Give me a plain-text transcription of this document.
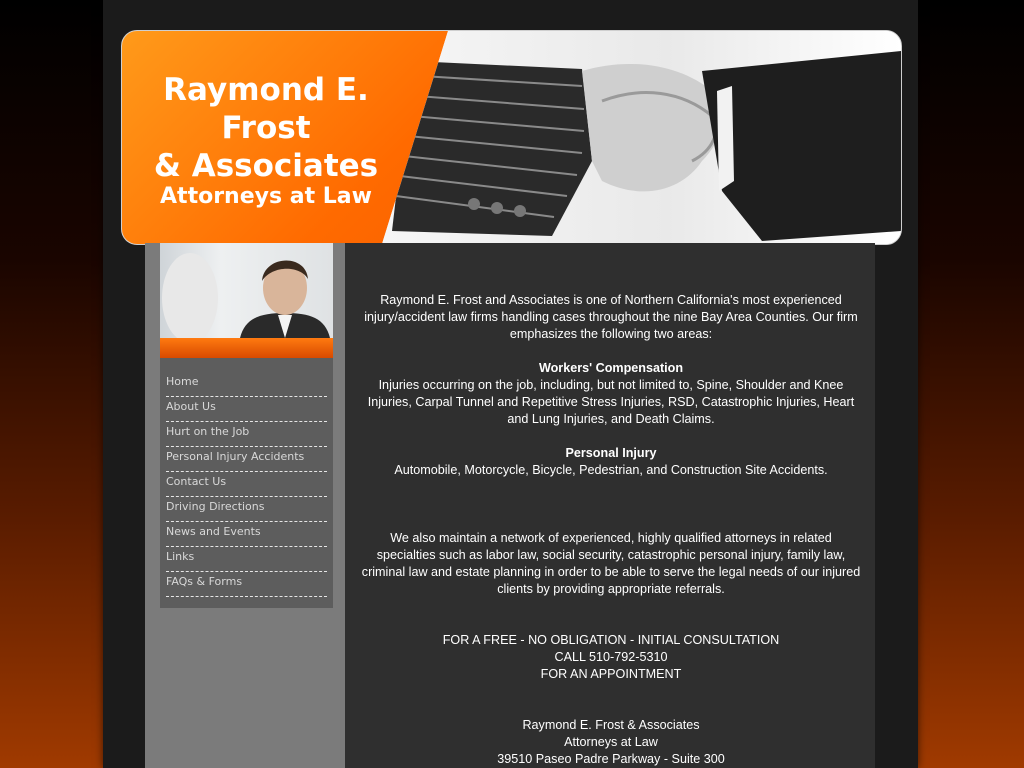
Raymond E.
Frost
& Associates
Attorneys at Law
Home
About Us
Hurt on the Job
Personal Injury Accidents
Contact Us
Driving Directions
News and Events
Links
FAQs & Forms

Raymond E. Frost and Associates is one of Northern California's most experienced injury/accident law firms handling cases throughout the nine Bay Area Counties. Our firm emphasizes the following two areas:

Workers' Compensation

Injuries occurring on the job, including, but not limited to, Spine, Shoulder and Knee Injuries, Carpal Tunnel and Repetitive Stress Injuries, RSD, Catastrophic Injuries, Heart and Lung Injuries, and Death Claims.

Personal Injury

Automobile, Motorcycle, Bicycle, Pedestrian, and Construction Site Accidents.

We also maintain a network of experienced, highly qualified attorneys in related specialties such as labor law, social security, catastrophic personal injury, family law, criminal law and estate planning in order to be able to serve the legal needs of our injured clients by providing appropriate referrals.

FOR A FREE - NO OBLIGATION - INITIAL CONSULTATION

CALL 510-792-5310

FOR AN APPOINTMENT

Raymond E. Frost & Associates

Attorneys at Law

39510 Paseo Padre Parkway - Suite 300
